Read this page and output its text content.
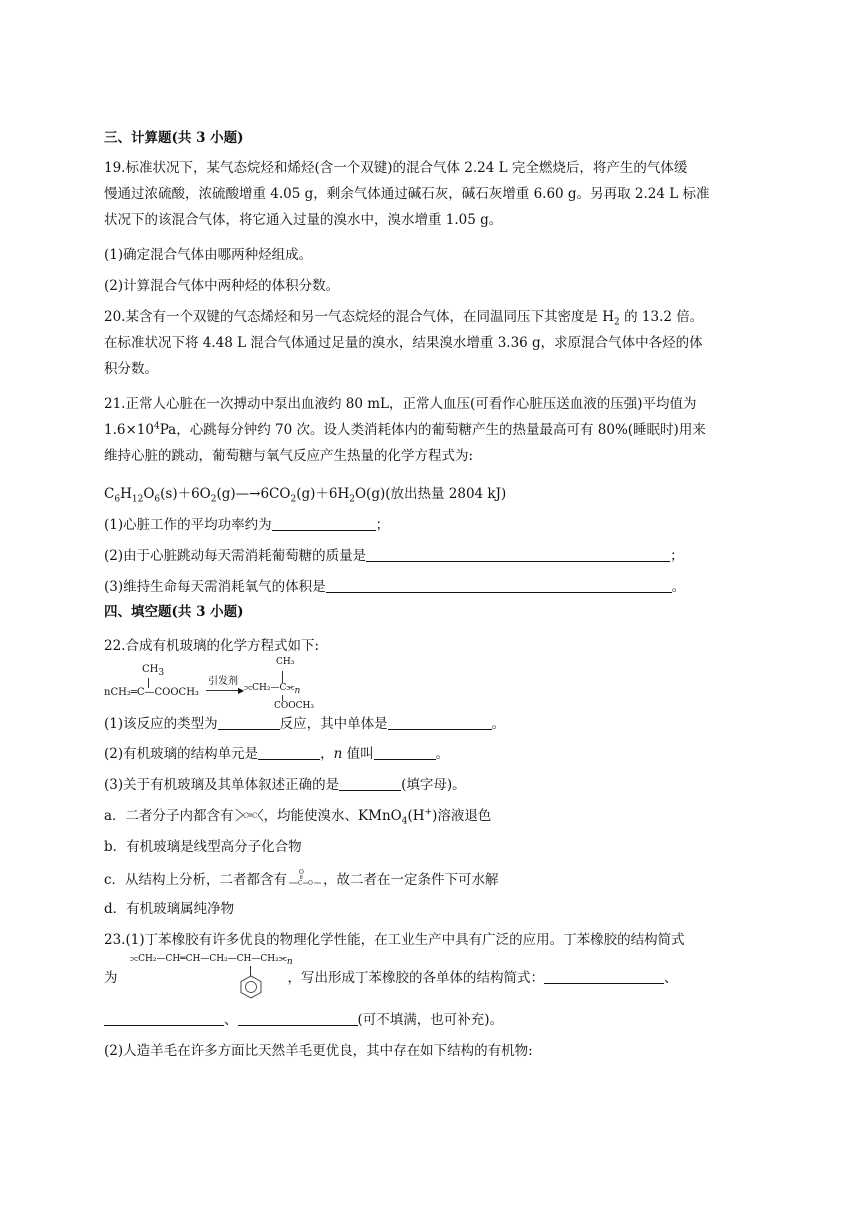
三、计算题(共 3 小题)
19.标准状况下，某气态烷烃和烯烃(含一个双键)的混合气体 2.24 L 完全燃烧后，将产生的气体缓
慢通过浓硫酸，浓硫酸增重 4.05 g，剩余气体通过碱石灰，碱石灰增重 6.60 g。另再取 2.24 L 标准
状况下的该混合气体，将它通入过量的溴水中，溴水增重 1.05 g。
(1)确定混合气体由哪两种烃组成。
(2)计算混合气体中两种烃的体积分数。
20.某含有一个双键的气态烯烃和另一气态烷烃的混合气体，在同温同压下其密度是 $H_2$ 的 13.2 倍。
在标准状况下将 4.48 L 混合气体通过足量的溴水，结果溴水增重 3.36 g，求原混合气体中各烃的体
积分数。
21.正常人心脏在一次搏动中泵出血液约 80 mL，正常人血压(可看作心脏压送血液的压强)平均值为
$1.6\times 10^4Pa$，心跳每分钟约 70 次。设人类消耗体内的葡萄糖产生的热量最高可有 80%(睡眠时)用来
维持心脏的跳动，葡萄糖与氧气反应产生热量的化学方程式为:
$C_6H_{12}O_6(s)+6O_2(g)—\to 6CO_2(g)+6H_2O(g)$(放出热量 2804 kJ)
(1)心脏工作的平均功率约为	；
(2)由于心脏跳动每天需消耗葡萄糖的质量是	；
(3)维持生命每天需消耗氧气的体积是	。
四、填空题(共 3 小题)
22.合成有机玻璃的化学方程式如下:
$CH_3$
nCH₂═C—COOCH₃
引发剂
▶
CH₃
$⫗CH_2—C⫘_n$
COOCH₃
(1)该反应的类型为	反应，其中单体是	。
(2)有机玻璃的结构单元是	，n 值叫	。
(3)关于有机玻璃及其单体叙述正确的是	(填字母)。
a．二者分子内都含有 C C ，均能使溴水、KMnO$_4$(H+)溶液退色
b．有机玻璃是线型高分子化合物
c．从结构上分析，二者都含有 O
C O ，故二者在一定条件下可水解
d．有机玻璃属纯净物
23.(1)丁苯橡胶有许多优良的物理化学性能，在工业生产中具有广泛的应用。丁苯橡胶的结构简式
为	，写出形成丁苯橡胶的各单体的结构简式：	、
$⫗CH_2—CH═CH—CH_2—CH—CH_2⫘_n$
、	(可不填满，也可补充)。
(2)人造羊毛在许多方面比天然羊毛更优良，其中存在如下结构的有机物:
